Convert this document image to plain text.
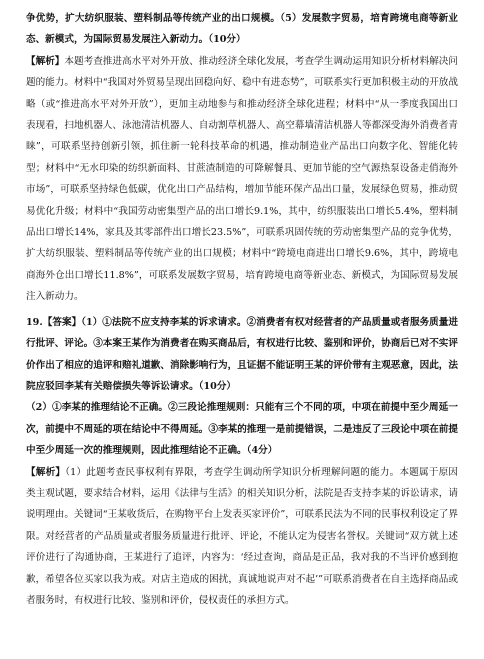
争优势，扩大纺织服装、塑料制品等传统产业的出口规模。（5）发展数字贸易，培育跨境电商等新业态、新模式，为国际贸易发展注入新动力。（10分）

【解析】本题考查推进高水平对外开放、推动经济全球化发展，考查学生调动运用知识分析材料解决问题的能力。材料中“我国对外贸易呈现出回稳向好、稳中有进态势”，可联系实行更加积极主动的开放战略（或“推进高水平对外开放”），更加主动地参与和推动经济全球化进程；材料中“从一季度我国出口表现看，扫地机器人、泳池清洁机器人、自动割草机器人、高空幕墙清洁机器人等都深受海外消费者青睐”，可联系坚持创新引领，抓住新一轮科技革命的机遇，推动制造业产品出口向数字化、智能化转型；材料中“无水印染的纺织新面料、甘蔗渣制造的可降解餐具、更加节能的空气源热泵设备走俏海外市场”，可联系坚持绿色低碳，优化出口产品结构，增加节能环保产品出口量，发展绿色贸易，推动贸易优化升级；材料中“我国劳动密集型产品的出口增长9.1%，其中，纺织服装出口增长5.4%，塑料制品出口增长14%，家具及其零部件出口增长23.5%”，可联系巩固传统的劳动密集型产品的竞争优势，扩大纺织服装、塑料制品等传统产业的出口规模；材料中“跨境电商进出口增长9.6%，其中，跨境电商海外仓出口增长11.8%”，可联系发展数字贸易，培育跨境电商等新业态、新模式，为国际贸易发展注入新动力。

19.【答案】（1）①法院不应支持李某的诉求请求。②消费者有权对经营者的产品质量或者服务质量进行批评、评论。③本案王某作为消费者在购买商品后，有权进行比较、鉴别和评价，协商后已对不实评价作出了相应的追评和赔礼道歉、消除影响行为，且证据不能证明王某的评价带有主观恶意，因此，法院应驳回李某有关赔偿损失等诉讼请求。（10分）

（2）①李某的推理结论不正确。②三段论推理规则：只能有三个不同的项，中项在前提中至少周延一次，前提中不周延的项在结论中不得周延。③李某的推理一是前提错误，二是违反了三段论中项在前提中至少周延一次的推理规则，因此推理结论不正确。（4分）

【解析】（1）此题考查民事权利有界限，考查学生调动所学知识分析理解问题的能力。本题属于原因类主观试题，要求结合材料，运用《法律与生活》的相关知识分析，法院是否支持李某的诉讼请求，请说明理由。关键词“王某收货后，在购物平台上发表买家评价”，可联系民法为不同的民事权利设定了界限。对经营者的产品质量或者服务质量进行批评、评论，不能认定为侵害名誉权。关键词“双方就上述评价进行了沟通协商，王某进行了追评，内容为：‘经过查询，商品是正品，我对我的不当评价感到抱歉，希望各位买家以我为戒。对店主造成的困扰，真诚地说声对不起’”可联系消费者在自主选择商品或者服务时，有权进行比较、鉴别和评价，侵权责任的承担方式。
